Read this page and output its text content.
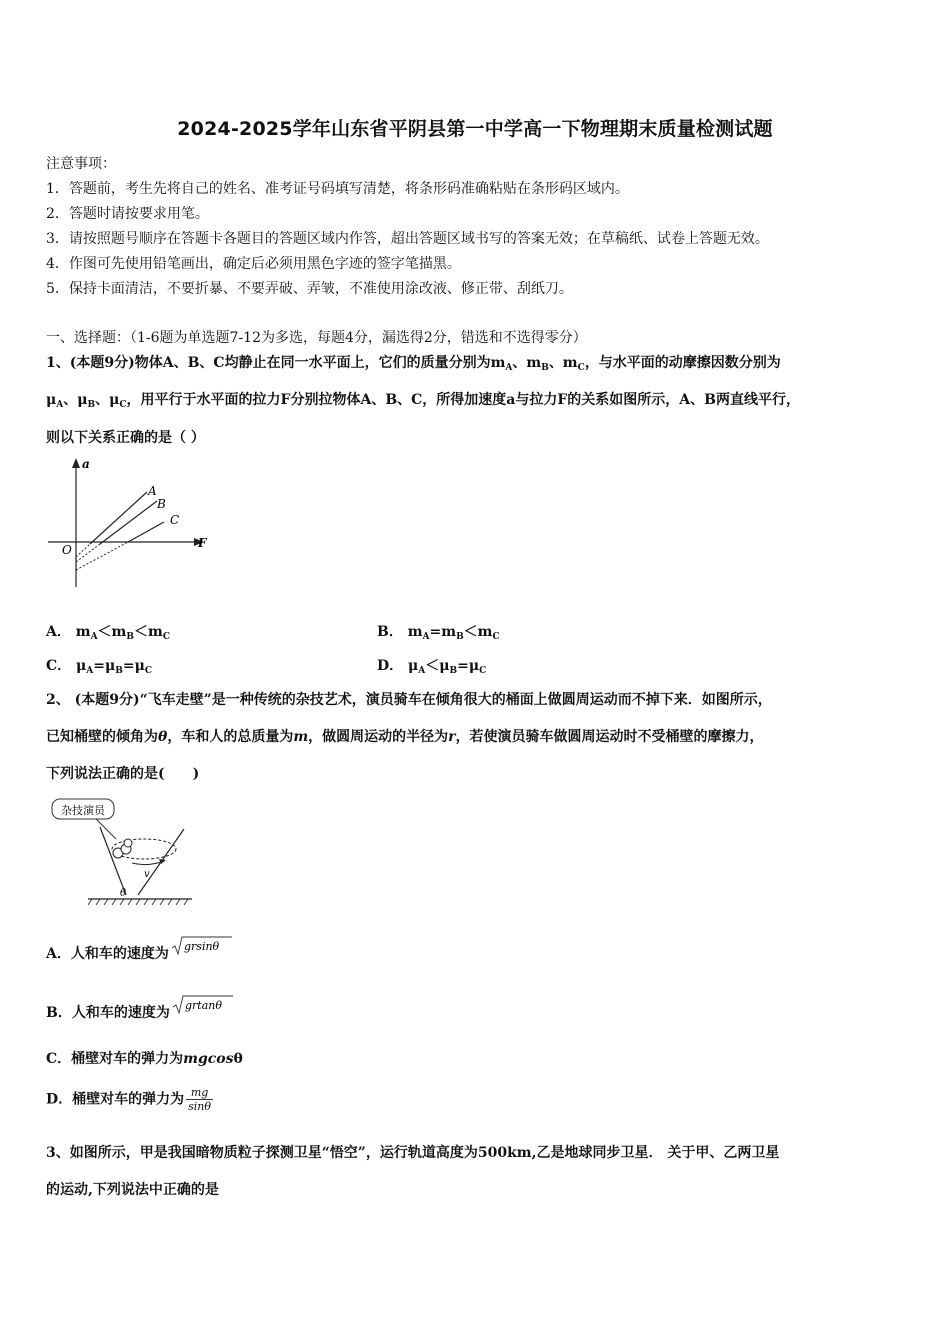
2024-2025学年山东省平阴县第一中学高一下物理期末质量检测试题
注意事项：
1．答题前，考生先将自己的姓名、准考证号码填写清楚，将条形码准确粘贴在条形码区域内。
2．答题时请按要求用笔。
3．请按照题号顺序在答题卡各题目的答题区域内作答，超出答题区域书写的答案无效；在草稿纸、试卷上答题无效。
4．作图可先使用铅笔画出，确定后必须用黑色字迹的签字笔描黑。
5．保持卡面清洁，不要折暴、不要弄破、弄皱，不准使用涂改液、修正带、刮纸刀。
一、选择题：（1-6题为单选题7-12为多选，每题4分，漏选得2分，错选和不选得零分）
1、(本题9分)物体A、B、C均静止在同一水平面上，它们的质量分别为$m_A$、$m_B$、$m_C$，与水平面的动摩擦因数分别为
$\mu_A$、$\mu_B$、$\mu_C$，用平行于水平面的拉力F分别拉物体A、B、C，所得加速度a与拉力F的关系如图所示，A、B两直线平行，
则以下关系正确的是（ ）
a
F
O
A
B
C
A． $m_A<m_B<m_C$	B． $m_A=m_B<m_C$
C． $\mu_A=\mu_B=\mu_C$	D． $\mu_A<\mu_B=\mu_C$
2、 (本题9分)“飞车走壁”是一种传统的杂技艺术，演员骑车在倾角很大的桶面上做圆周运动而不掉下来．如图所示，
已知桶壁的倾角为θ，车和人的总质量为m，做圆周运动的半径为r，若使演员骑车做圆周运动时不受桶壁的摩擦力，
下列说法正确的是(　　)
杂技演员
v
θ
A．人和车的速度为 grsinθ
B．人和车的速度为 grtanθ
C．桶壁对车的弹力为mgcosθ
D．桶壁对车的弹力为 $\frac{mg}{\sin\theta}$
3、如图所示，甲是我国暗物质粒子探测卫星“悟空”，运行轨道高度为500km,乙是地球同步卫星． 关于甲、乙两卫星
的运动,下列说法中正确的是
